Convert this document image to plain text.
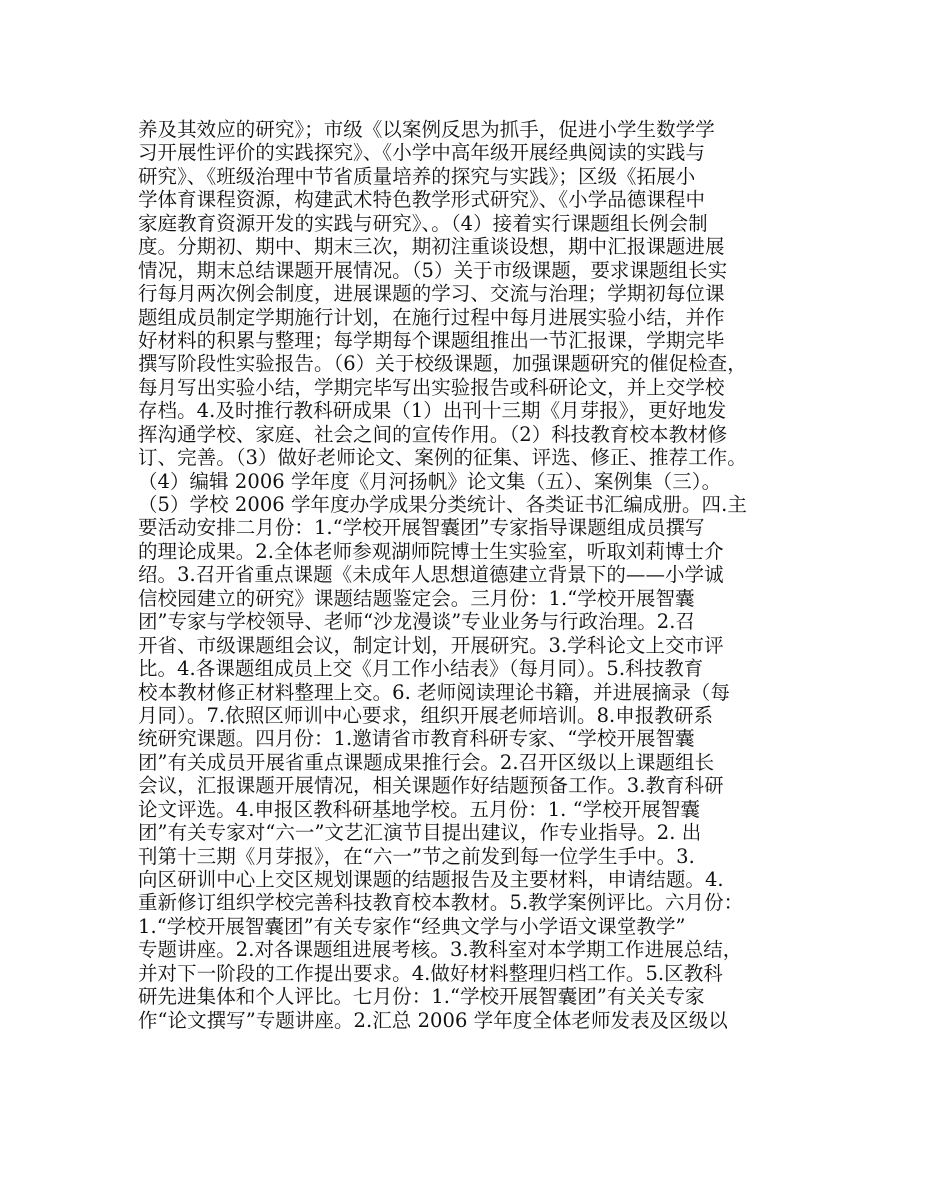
养及其效应的研究》；市级《以案例反思为抓手，促进小学生数学学
习开展性评价的实践探究》、《小学中高年级开展经典阅读的实践与
研究》、《班级治理中节省质量培养的探究与实践》；区级《拓展小
学体育课程资源，构建武术特色教学形式研究》、《小学品德课程中
家庭教育资源开发的实践与研究》、。（4）接着实行课题组长例会制
度。分期初、期中、期末三次，期初注重谈设想，期中汇报课题进展
情况，期末总结课题开展情况。（5）关于市级课题，要求课题组长实
行每月两次例会制度，进展课题的学习、交流与治理；学期初每位课
题组成员制定学期施行计划，在施行过程中每月进展实验小结，并作
好材料的积累与整理；每学期每个课题组推出一节汇报课，学期完毕
撰写阶段性实验报告。（6）关于校级课题，加强课题研究的催促检查，
每月写出实验小结，学期完毕写出实验报告或科研论文，并上交学校
存档。4.及时推行教科研成果（1）出刊十三期《月芽报》，更好地发
挥沟通学校、家庭、社会之间的宣传作用。（2）科技教育校本教材修
订、完善。（3）做好老师论文、案例的征集、评选、修正、推荐工作。
（4）编辑 2006 学年度《月河扬帆》论文集（五）、案例集（三）。
（5）学校 2006 学年度办学成果分类统计、各类证书汇编成册。四.主
要活动安排二月份：1.“学校开展智囊团”专家指导课题组成员撰写
的理论成果。2.全体老师参观湖师院博士生实验室，听取刘莉博士介
绍。3.召开省重点课题《未成年人思想道德建立背景下的——小学诚
信校园建立的研究》课题结题鉴定会。三月份：1.“学校开展智囊
团”专家与学校领导、老师“沙龙漫谈”专业业务与行政治理。2.召
开省、市级课题组会议，制定计划，开展研究。3.学科论文上交市评
比。4.各课题组成员上交《月工作小结表》（每月同）。5.科技教育
校本教材修正材料整理上交。6. 老师阅读理论书籍，并进展摘录（每
月同）。7.依照区师训中心要求，组织开展老师培训。8.申报教研系
统研究课题。四月份：1.邀请省市教育科研专家、“学校开展智囊
团”有关成员开展省重点课题成果推行会。2.召开区级以上课题组长
会议，汇报课题开展情况，相关课题作好结题预备工作。3.教育科研
论文评选。4.申报区教科研基地学校。五月份：1. “学校开展智囊
团”有关专家对“六一”文艺汇演节目提出建议，作专业指导。2. 出
刊第十三期《月芽报》，在“六一”节之前发到每一位学生手中。3.
向区研训中心上交区规划课题的结题报告及主要材料，申请结题。4.
重新修订组织学校完善科技教育校本教材。5.教学案例评比。六月份：
1.“学校开展智囊团”有关专家作“经典文学与小学语文课堂教学”
专题讲座。2.对各课题组进展考核。3.教科室对本学期工作进展总结，
并对下一阶段的工作提出要求。4.做好材料整理归档工作。5.区教科
研先进集体和个人评比。七月份：1.“学校开展智囊团”有关关专家
作“论文撰写”专题讲座。2.汇总 2006 学年度全体老师发表及区级以
